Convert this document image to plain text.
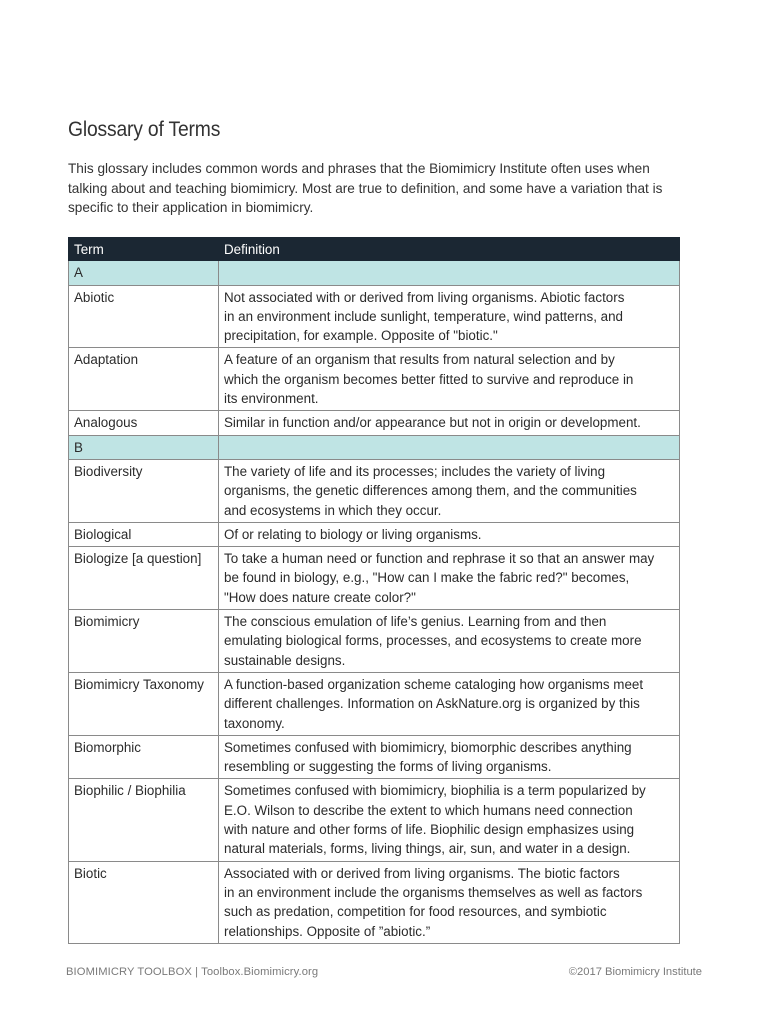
Glossary of Terms

This glossary includes common words and phrases that the Biomimicry Institute often uses when talking about and teaching biomimicry. Most are true to definition, and some have a variation that is specific to their application in biomimicry.

Term	Definition
A	
Abiotic	Not associated with or derived from living organisms. Abiotic factors
in an environment include sunlight, temperature, wind patterns, and
precipitation, for example. Opposite of "biotic."
Adaptation	A feature of an organism that results from natural selection and by
which the organism becomes better fitted to survive and reproduce in
its environment.
Analogous	Similar in function and/or appearance but not in origin or development.
B	
Biodiversity	The variety of life and its processes; includes the variety of living
organisms, the genetic differences among them, and the communities
and ecosystems in which they occur.
Biological	Of or relating to biology or living organisms.
Biologize [a question]	To take a human need or function and rephrase it so that an answer may
be found in biology, e.g., "How can I make the fabric red?" becomes,
"How does nature create color?"
Biomimicry	The conscious emulation of life’s genius. Learning from and then
emulating biological forms, processes, and ecosystems to create more
sustainable designs.
Biomimicry Taxonomy	A function-based organization scheme cataloging how organisms meet
different challenges. Information on AskNature.org is organized by this
taxonomy.
Biomorphic	Sometimes confused with biomimicry, biomorphic describes anything
resembling or suggesting the forms of living organisms.
Biophilic / Biophilia	Sometimes confused with biomimicry, biophilia is a term popularized by
E.O. Wilson to describe the extent to which humans need connection
with nature and other forms of life. Biophilic design emphasizes using
natural materials, forms, living things, air, sun, and water in a design.
Biotic	Associated with or derived from living organisms. The biotic factors
in an environment include the organisms themselves as well as factors
such as predation, competition for food resources, and symbiotic
relationships. Opposite of ”abiotic.”
BIOMIMICRY TOOLBOX | Toolbox.Biomimicry.org	©2017 Biomimicry Institute
